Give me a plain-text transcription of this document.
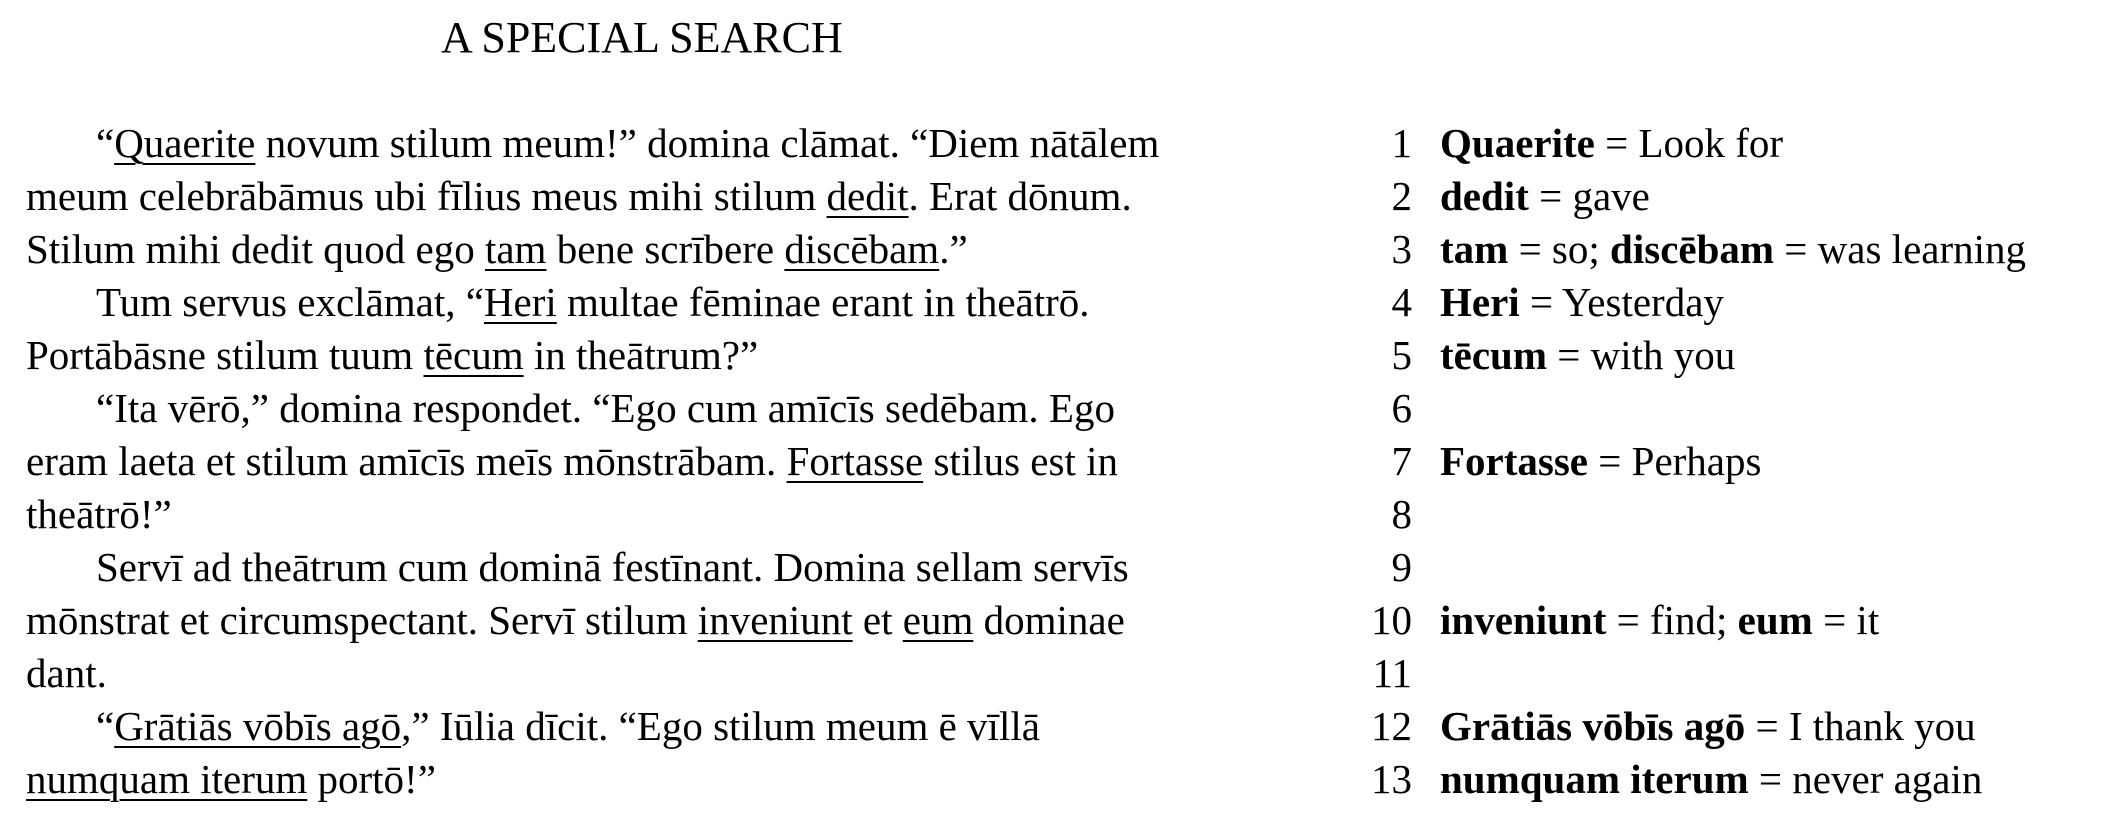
A SPECIAL SEARCH
“Quaerite novum stilum meum!” domina clāmat. “Diem nātālem
meum celebrābāmus ubi fīlius meus mihi stilum dedit. Erat dōnum.
Stilum mihi dedit quod ego tam bene scrībere discēbam.”
Tum servus exclāmat, “Heri multae fēminae erant in theātrō.
Portābāsne stilum tuum tēcum in theātrum?”
“Ita vērō,” domina respondet. “Ego cum amīcīs sedēbam. Ego
eram laeta et stilum amīcīs meīs mōnstrābam. Fortasse stilus est in
theātrō!”
Servī ad theātrum cum dominā festīnant. Domina sellam servīs
mōnstrat et circumspectant. Servī stilum inveniunt et eum dominae
dant.
“Grātiās vōbīs agō,” Iūlia dīcit. “Ego stilum meum ē vīllā
numquam iterum portō!”
1 Quaerite = Look for
2 dedit = gave
3 tam = so; discēbam = was learning
4 Heri = Yesterday
5 tēcum = with you
6
7 Fortasse = Perhaps
8
9
10 inveniunt = find; eum = it
11
12 Grātiās vōbīs agō = I thank you
13 numquam iterum = never again
